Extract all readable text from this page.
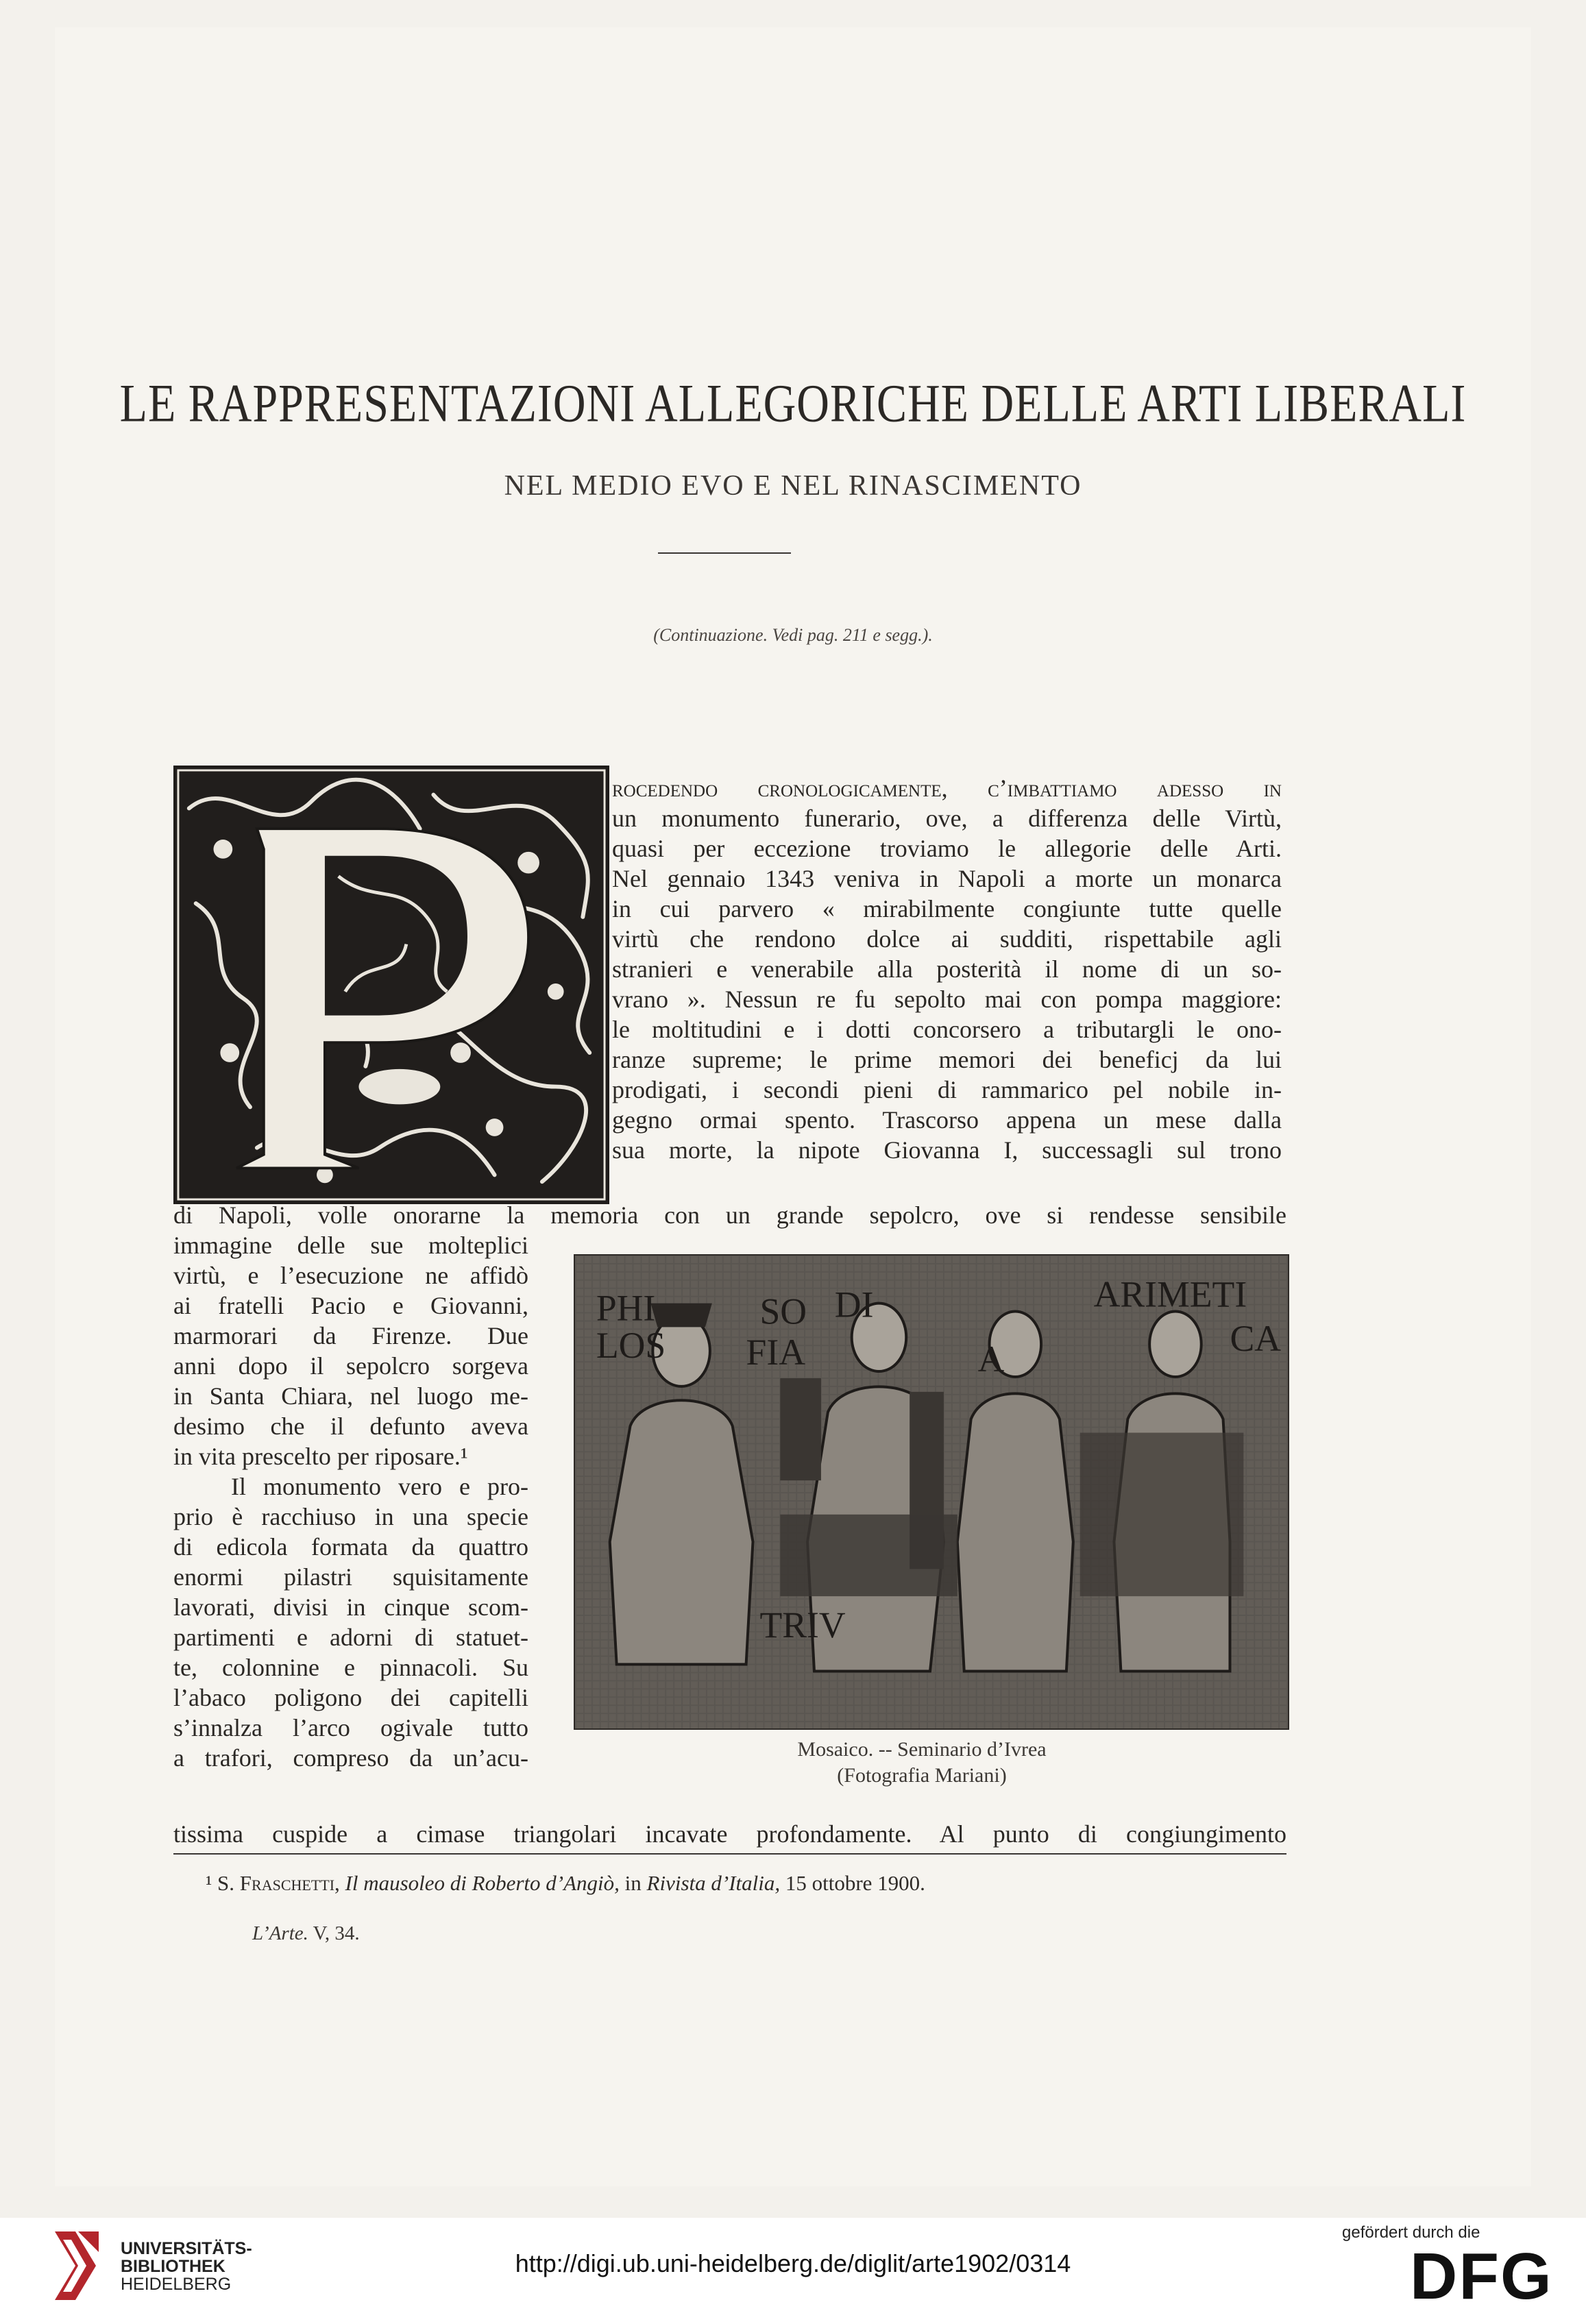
LE RAPPRESENTAZIONI ALLEGORICHE DELLE ARTI LIBERALI
NEL MEDIO EVO E NEL RINASCIMENTO
(Continuazione. Vedi pag. 211 e segg.).
rocedendo cronologicamente, c’imbattiamo adesso in
un monumento funerario, ove, a differenza delle Virtù,
quasi per eccezione troviamo le allegorie delle Arti.
Nel gennaio 1343 veniva in Napoli a morte un monarca
in cui parvero « mirabilmente congiunte tutte quelle
virtù che rendono dolce ai sudditi, rispettabile agli
stranieri e venerabile alla posterità il nome di un so-
vrano ». Nessun re fu sepolto mai con pompa maggiore:
le moltitudini e i dotti concorsero a tributargli le ono-
ranze supreme; le prime memori dei beneficj da lui
prodigati, i secondi pieni di rammarico pel nobile in-
gegno ormai spento. Trascorso appena un mese dalla
sua morte, la nipote Giovanna I, successagli sul trono
di Napoli, volle onorarne la memoria con un grande sepolcro, ove si rendesse sensibile
immagine delle sue molteplici
virtù, e l’esecuzione ne affidò
ai fratelli Pacio e Giovanni,
marmorari da Firenze. Due
anni dopo il sepolcro sorgeva
in Santa Chiara, nel luogo me-
desimo che il defunto aveva
in vita prescelto per riposare.¹
Il monumento vero e pro-
prio è racchiuso in una specie
di edicola formata da quattro
enormi pilastri squisitamente
lavorati, divisi in cinque scom-
partimenti e adorni di statuet-
te, colonnine e pinnacoli. Su
l’abaco poligono dei capitelli
s’innalza l’arco ogivale tutto
a trafori, compreso da un’acu-
PHI
LOS
SO
FIA
DI
A
ARIMETI
CA
TRIV
Mosaico. -- Seminario d’Ivrea
(Fotografia Mariani)
tissima cuspide a cimase triangolari incavate profondamente. Al punto di congiungimento
¹ S. Fraschetti, Il mausoleo di Roberto d’Angiò, in Rivista d’Italia, 15 ottobre 1900.
L’Arte. V, 34.
UNIVERSITÄTS-
BIBLIOTHEK
HEIDELBERG
http://digi.ub.uni-heidelberg.de/diglit/arte1902/0314
gefördert durch die
DFG
